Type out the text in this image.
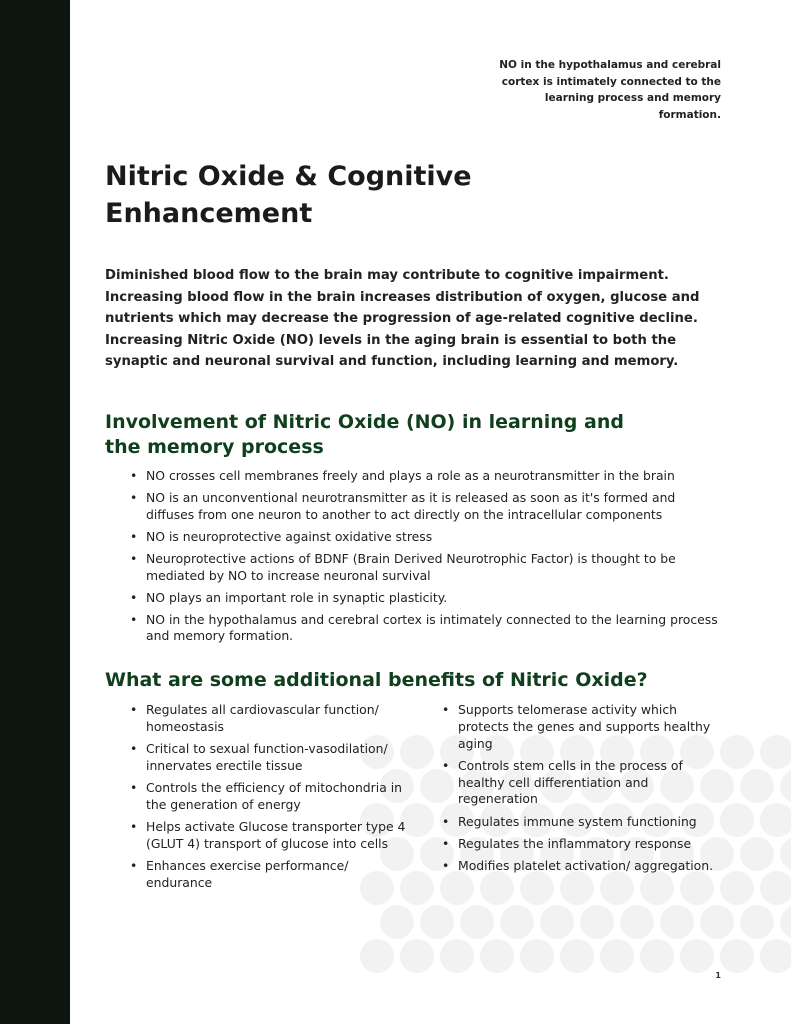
NO in the hypothalamus and cerebral cortex is intimately connected to the learning process and memory formation.
Nitric Oxide & Cognitive
Enhancement

Diminished blood flow to the brain may contribute to cognitive impairment. Increasing blood flow in the brain increases distribution of oxygen, glucose and nutrients which may decrease the progression of age-related cognitive decline. Increasing Nitric Oxide (NO) levels in the aging brain is essential to both the synaptic and neuronal survival and function, including learning and memory.

Involvement of Nitric Oxide (NO) in learning and the memory process
• NO crosses cell membranes freely and plays a role as a neurotransmitter in the brain
• NO is an unconventional neurotransmitter as it is released as soon as it's formed and diffuses from one neuron to another to act directly on the intracellular components
• NO is neuroprotective against oxidative stress
• Neuroprotective actions of BDNF (Brain Derived Neurotrophic Factor) is thought to be mediated by NO to increase neuronal survival
• NO plays an important role in synaptic plasticity.
• NO in the hypothalamus and cerebral cortex is intimately connected to the learning process and memory formation.
What are some additional benefits of Nitric Oxide?
• Regulates all cardiovascular function/ homeostasis
• Critical to sexual function-vasodilation/ innervates erectile tissue
• Controls the efficiency of mitochondria in the generation of energy
• Helps activate Glucose transporter type 4 (GLUT 4) transport of glucose into cells
• Enhances exercise performance/ endurance
• Supports telomerase activity which protects the genes and supports healthy aging
• Controls stem cells in the process of healthy cell differentiation and regeneration
• Regulates immune system functioning
• Regulates the inflammatory response
• Modifies platelet activation/ aggregation.
1
